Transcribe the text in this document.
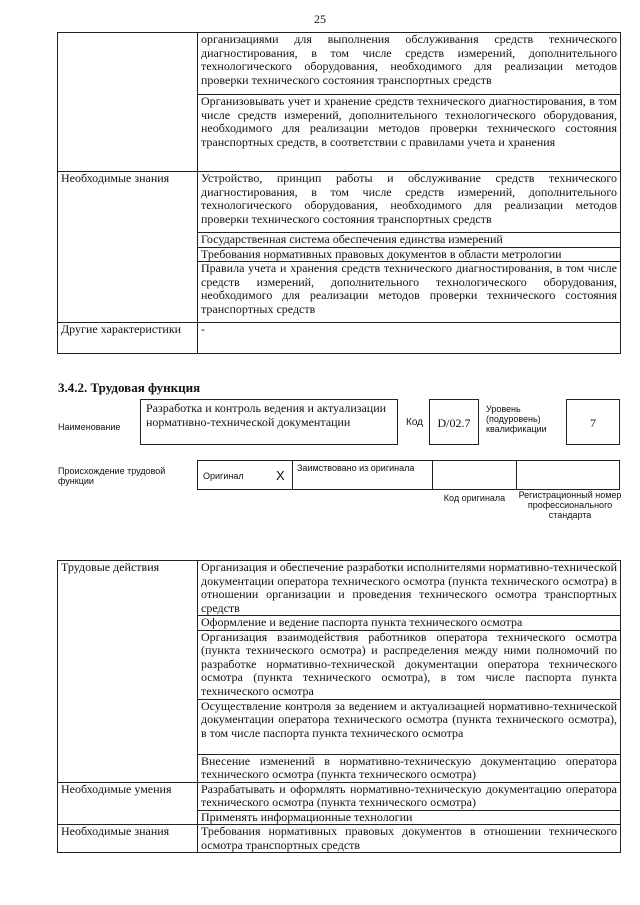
25
	организациями для выполнения обслуживания средств технического диагностирования, в том числе средств измерений, дополнительного технологического оборудования, необходимого для реализации методов проверки технического состояния транспортных средств
	Организовывать учет и хранение средств технического диагностирования, в том числе средств измерений, дополнительного технологического оборудования, необходимого для реализации методов проверки технического состояния транспортных средств, в соответствии с правилами учета и хранения
Необходимые знания	Устройство, принцип работы и обслуживание средств технического диагностирования, в том числе средств измерений, дополнительного технологического оборудования, необходимого для реализации методов проверки технического состояния транспортных средств
	Государственная система обеспечения единства измерений
	Требования нормативных правовых документов в области метрологии
	Правила учета и хранения средств технического диагностирования, в том числе средств измерений, дополнительного технологического оборудования, необходимого для реализации методов проверки технического состояния транспортных средств
Другие характеристики	-
3.4.2. Трудовая функция
Наименование
Разработка и контроль ведения и актуализации нормативно-технической документации	Код	D/02.7
Уровень (подуровень) квалификации	7
Происхождение трудовой функции	Оригинал X Заимствовано из оригинала
Код оригинала	Регистрационный номер профессионального стандарта
Трудовые действия	Организация и обеспечение разработки исполнителями нормативно-технической документации оператора технического осмотра (пункта технического осмотра) в отношении организации и проведения технического осмотра транспортных средств
	Оформление и ведение паспорта пункта технического осмотра
	Организация взаимодействия работников оператора технического осмотра (пункта технического осмотра) и распределения между ними полномочий по разработке нормативно-технической документации оператора технического осмотра (пункта технического осмотра), в том числе паспорта пункта технического осмотра
	Осуществление контроля за ведением и актуализацией нормативно-технической документации оператора технического осмотра (пункта технического осмотра), в том числе паспорта пункта технического осмотра
	Внесение изменений в нормативно-техническую документацию оператора технического осмотра (пункта технического осмотра)
Необходимые умения	Разрабатывать и оформлять нормативно-техническую документацию оператора технического осмотра (пункта технического осмотра)
	Применять информационные технологии
Необходимые знания	Требования нормативных правовых документов в отношении технического осмотра транспортных средств
